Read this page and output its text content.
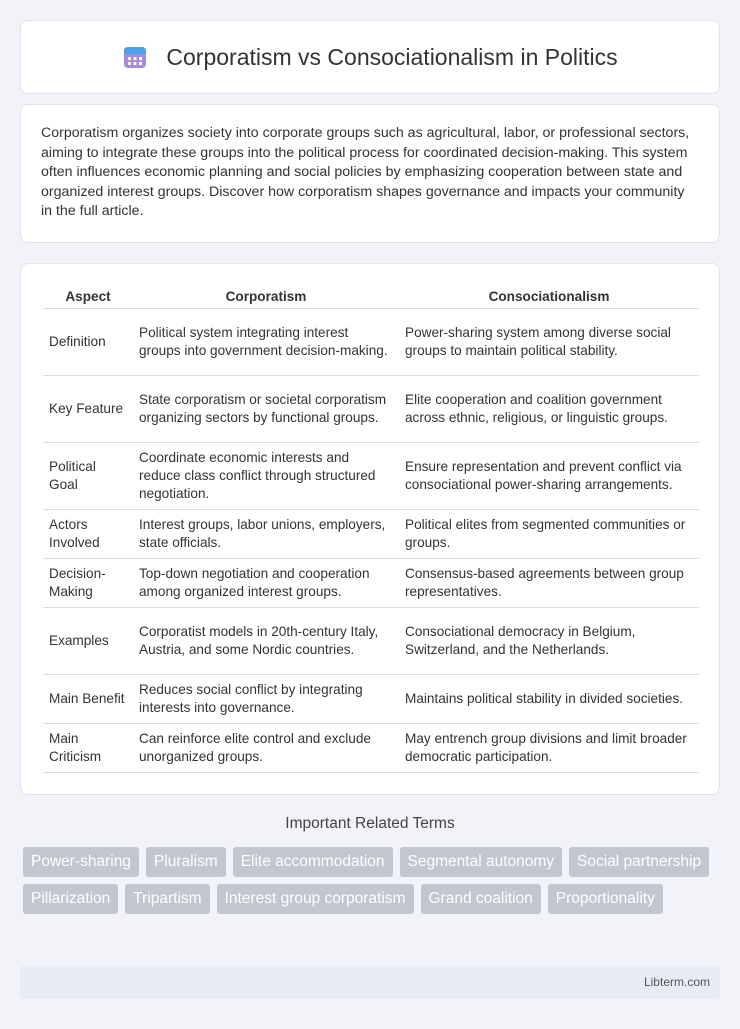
Corporatism vs Consociationalism in Politics

Corporatism organizes society into corporate groups such as agricultural, labor, or professional sectors, aiming to integrate these groups into the political process for coordinated decision-making. This system often influences economic planning and social policies by emphasizing cooperation between state and organized interest groups. Discover how corporatism shapes governance and impacts your community in the full article.

Aspect	Corporatism	Consociationalism
Definition	Political system integrating interest groups into government decision-making.	Power-sharing system among diverse social groups to maintain political stability.
Key Feature	State corporatism or societal corporatism organizing sectors by functional groups.	Elite cooperation and coalition government across ethnic, religious, or linguistic groups.
Political Goal	Coordinate economic interests and reduce class conflict through structured negotiation.	Ensure representation and prevent conflict via consociational power-sharing arrangements.
Actors Involved	Interest groups, labor unions, employers, state officials.	Political elites from segmented communities or groups.
Decision-Making	Top-down negotiation and cooperation among organized interest groups.	Consensus-based agreements between group representatives.
Examples	Corporatist models in 20th-century Italy, Austria, and some Nordic countries.	Consociational democracy in Belgium, Switzerland, and the Netherlands.
Main Benefit	Reduces social conflict by integrating interests into governance.	Maintains political stability in divided societies.
Main Criticism	Can reinforce elite control and exclude unorganized groups.	May entrench group divisions and limit broader democratic participation.
Important Related Terms
Power-sharing	Pluralism	Elite accommodation	Segmental autonomy	Social partnership
Pillarization	Tripartism	Interest group corporatism	Grand coalition	Proportionality
Libterm.com
